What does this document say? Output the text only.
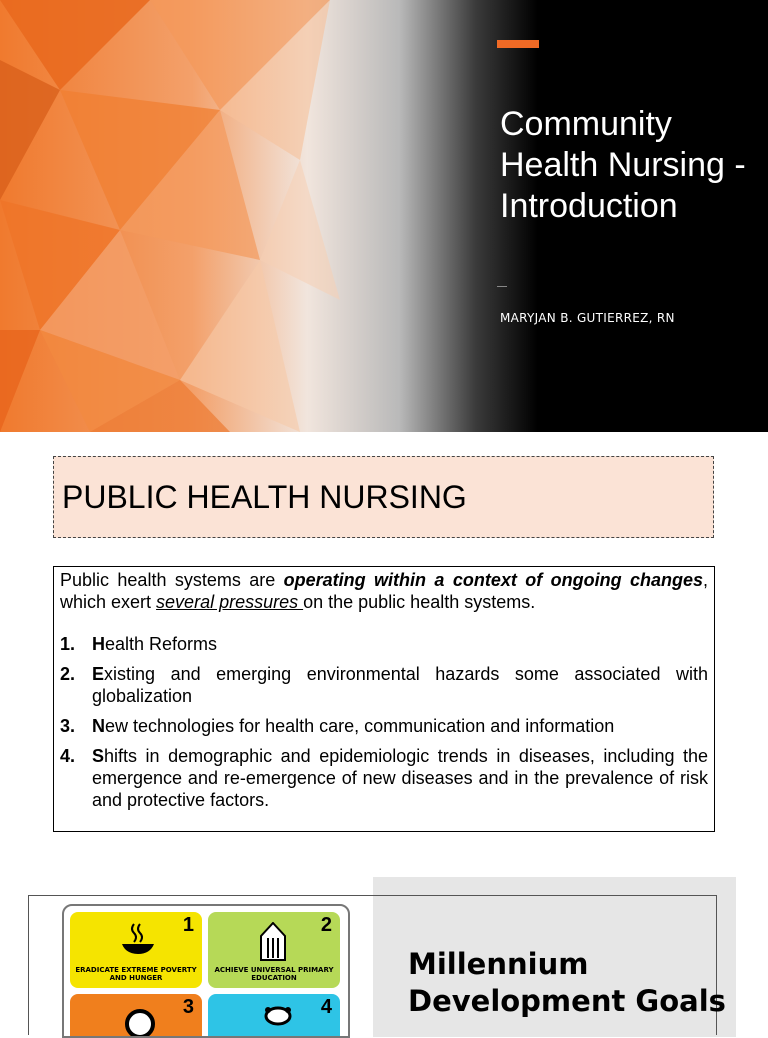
Community Health Nursing - Introduction
MARYJAN B. GUTIERREZ, RN
PUBLIC HEALTH NURSING
Public health systems are operating within a context of ongoing changes, which exert several pressures on the public health systems.
1. Health Reforms
2. Existing and emerging environmental hazards some associated with globalization
3. New technologies for health care, communication and information
4. Shifts in demographic and epidemiologic trends in diseases, including the emergence and re-emergence of new diseases and in the prevalence of risk and protective factors.
1
ERADICATE EXTREME POVERTY AND HUNGER
2
ACHIEVE UNIVERSAL PRIMARY EDUCATION
3	4
Millennium
Development Goals
